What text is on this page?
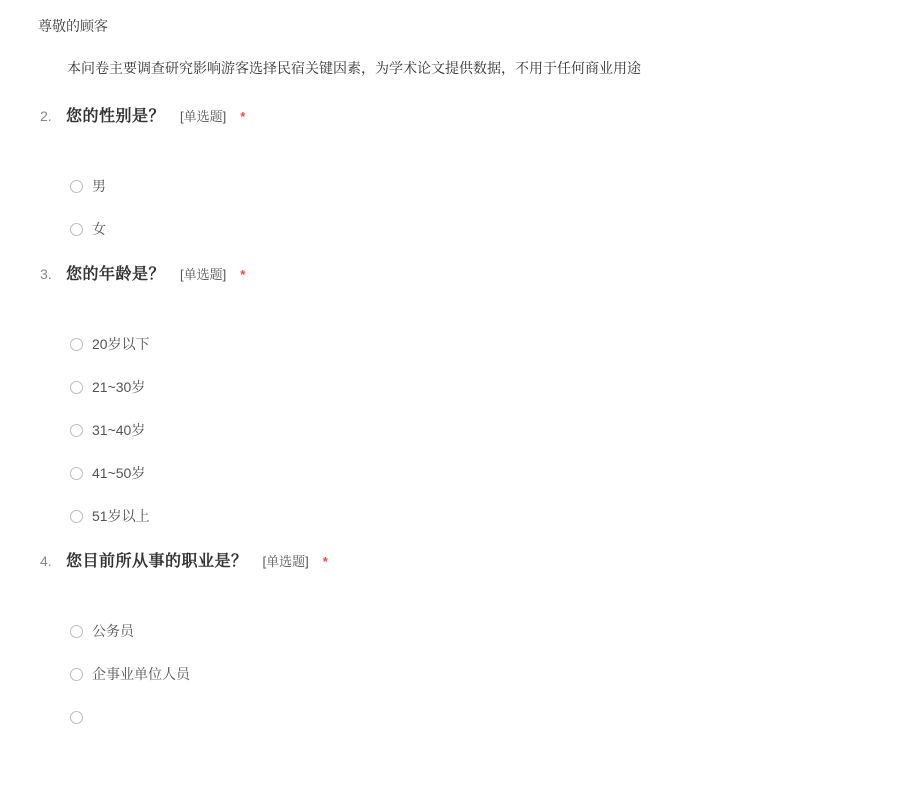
尊敬的顾客
本问卷主要调查研究影响游客选择民宿关键因素，为学术论文提供数据，不用于任何商业用途
2. 您的性别是？ [单选题] *
男
女
3. 您的年龄是？ [单选题] *
20岁以下
21~30岁
31~40岁
41~50岁
51岁以上
4. 您目前所从事的职业是？ [单选题] *
公务员
企事业单位人员
